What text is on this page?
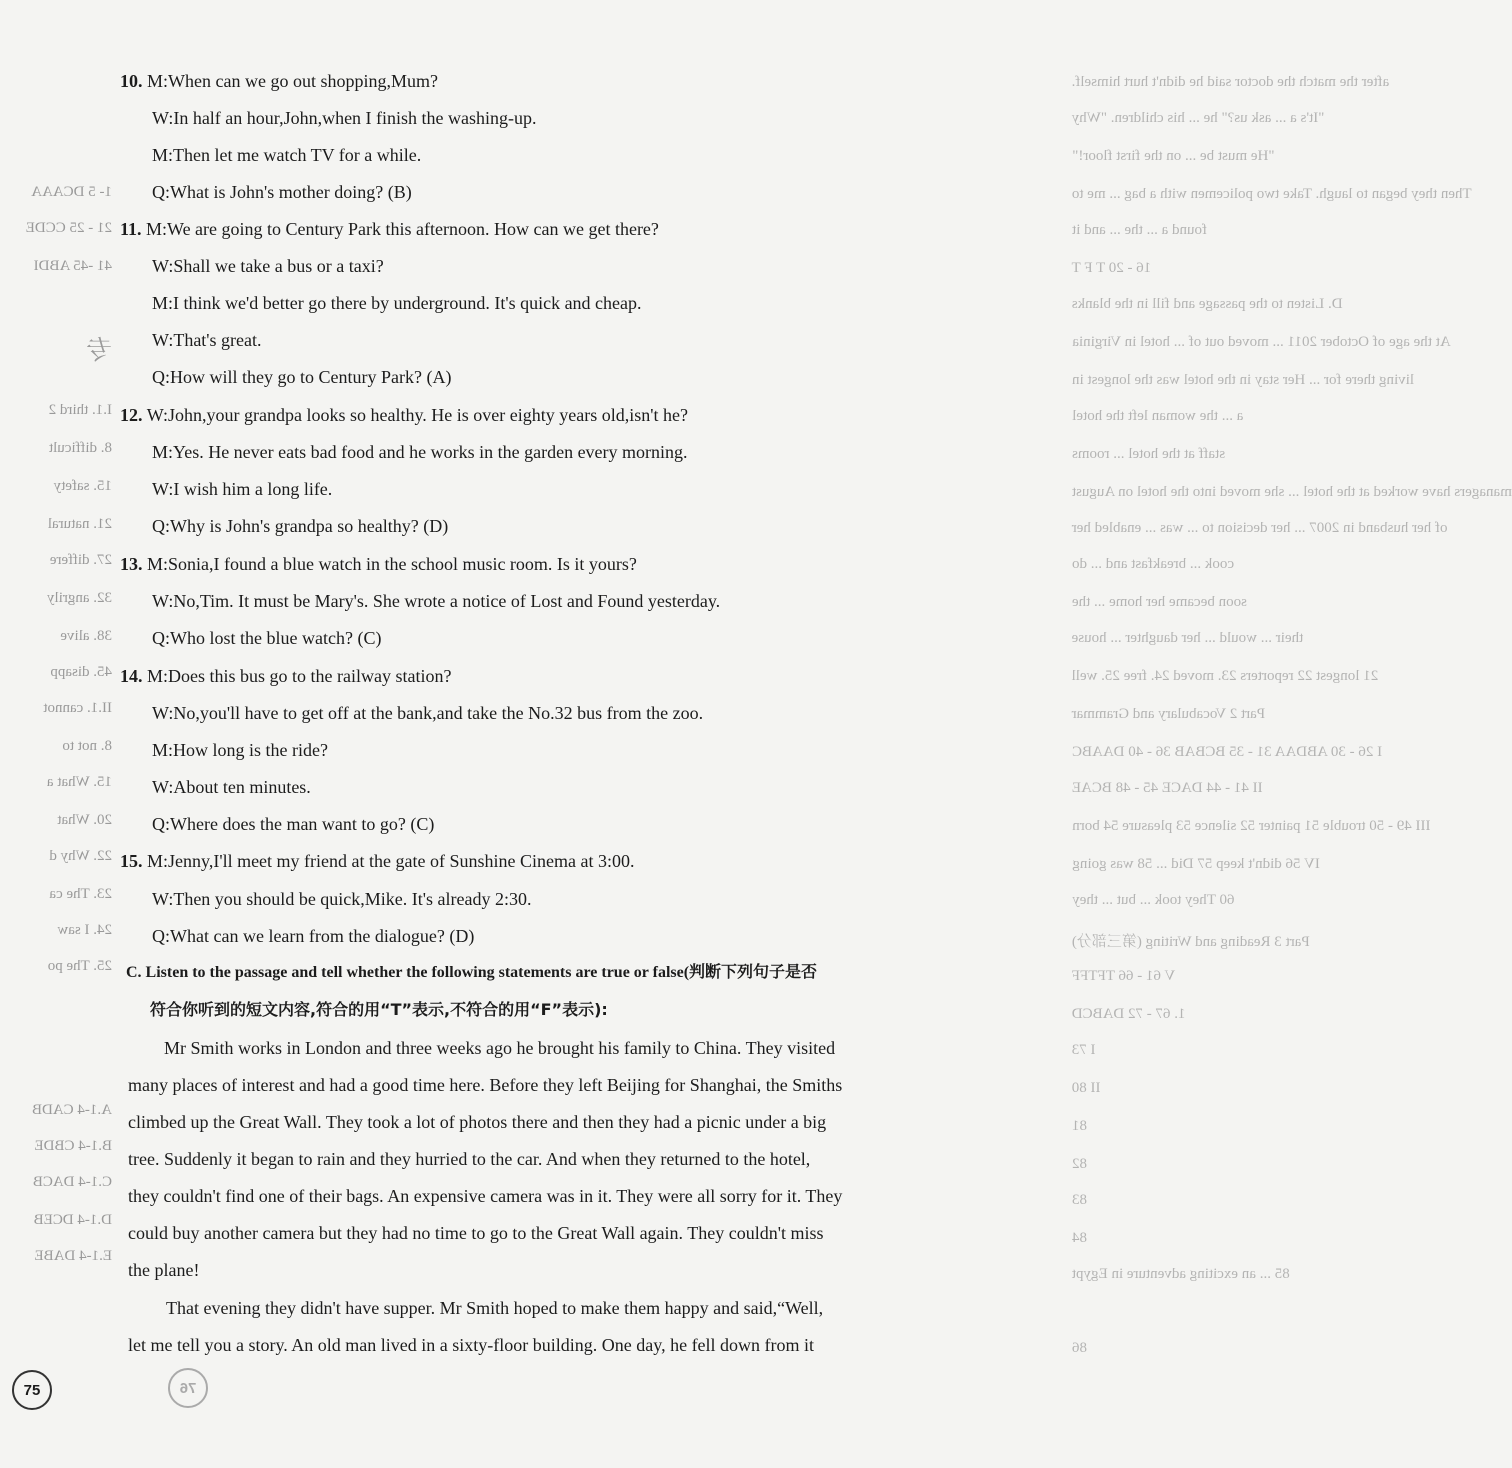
1- 5 DCAAA
21 - 25 CCDE
41 -45 ABDI
专
I.1. third 2
8. difficult
15. safety
21. natural
27. differe
32. angrily
38. alive
45. disapp
II.1. cannot
8. not to
15. What a
20. What
22. Why d
23. The ca
24. I saw
25. The po
A.1-4 CADB
B.1-4 CBDE
C.1-4 DACB
D.1-4 DCEB
E.1-4 DABE
after the match the doctor said he didn't hurt himself.
"It's a ... ask us?" he ... his children. "Why
"He must be ... on the first floor!"
Then they began to laugh. Take two policemen with a bag ... me to
found a ... the ... and it
16 - 20 T F T
D. Listen to the passage and fill in the blanks
At the age of October 2011 ... moved out of ... hotel in Virginia
living there for ... Her stay in the hotel was the longest in
a ... the woman left the hotel
staff at the hotel ... rooms
managers have worked at the hotel ... she moved into the hotel on August
of her husband in 2007 ... her decision to ... was ... enabled her
cook ... breakfast and ... do
soon became her home ... the
their ... would ... her daughter ... house
21 longest 22 reporters 23. moved 24. free 25. well
Part 2 Vocabulary and Grammar
I 26 - 30 ABDAA 31 - 35 BCBAB 36 - 40 DAABC
II 41 - 44 DACE 45 - 48 BCAE
III 49 - 50 trouble 51 painter 52 silence 53 pleasure 54 born
IV 56 didn't keep 57 Did ... 58 was going
60 They took ... but ... they
Part 3 Reading and Writing (第三部分)
V 61 - 66 TFTFF
1. 67 - 72 DABCD
I 73
II 80
81
82
83
84
85 ... an exciting adventure in Egypt
86
10. M:When can we go out shopping,Mum?
W:In half an hour,John,when I finish the washing-up.
M:Then let me watch TV for a while.
Q:What is John's mother doing? (B)
11. M:We are going to Century Park this afternoon. How can we get there?
W:Shall we take a bus or a taxi?
M:I think we'd better go there by underground. It's quick and cheap.
W:That's great.
Q:How will they go to Century Park? (A)
12. W:John,your grandpa looks so healthy. He is over eighty years old,isn't he?
M:Yes. He never eats bad food and he works in the garden every morning.
W:I wish him a long life.
Q:Why is John's grandpa so healthy? (D)
13. M:Sonia,I found a blue watch in the school music room. Is it yours?
W:No,Tim. It must be Mary's. She wrote a notice of Lost and Found yesterday.
Q:Who lost the blue watch? (C)
14. M:Does this bus go to the railway station?
W:No,you'll have to get off at the bank,and take the No.32 bus from the zoo.
M:How long is the ride?
W:About ten minutes.
Q:Where does the man want to go? (C)
15. M:Jenny,I'll meet my friend at the gate of Sunshine Cinema at 3:00.
W:Then you should be quick,Mike. It's already 2:30.
Q:What can we learn from the dialogue? (D)
C. Listen to the passage and tell whether the following statements are true or false(判断下列句子是否
符合你听到的短文内容,符合的用“T”表示,不符合的用“F”表示):
Mr Smith works in London and three weeks ago he brought his family to China. They visited
many places of interest and had a good time here. Before they left Beijing for Shanghai, the Smiths
climbed up the Great Wall. They took a lot of photos there and then they had a picnic under a big
tree. Suddenly it began to rain and they hurried to the car. And when they returned to the hotel,
they couldn't find one of their bags. An expensive camera was in it. They were all sorry for it. They
could buy another camera but they had no time to go to the Great Wall again. They couldn't miss
the plane!
That evening they didn't have supper. Mr Smith hoped to make them happy and said,“Well,
let me tell you a story. An old man lived in a sixty-floor building. One day, he fell down from it
75	76
